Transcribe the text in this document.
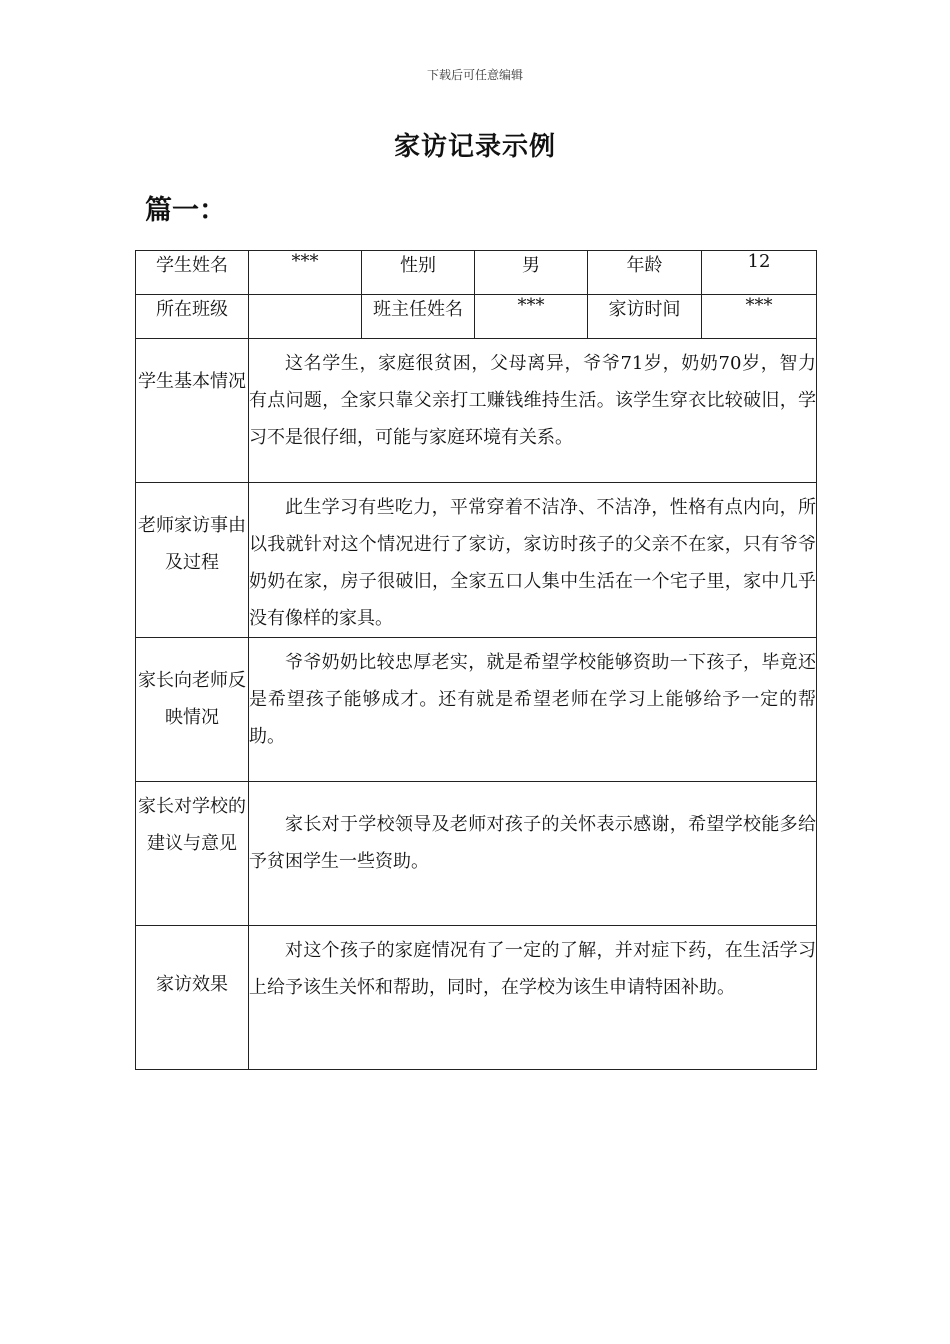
下载后可任意编辑
家访记录示例
篇一：
学生姓名	***	性别	男	年龄	12
所在班级		班主任姓名	***	家访时间	***
学生基本情况	这名学生，家庭很贫困，父母离异，爷爷71岁，奶奶70岁，智力有点问题，全家只靠父亲打工赚钱维持生活。该学生穿衣比较破旧，学习不是很仔细，可能与家庭环境有关系。				
老师家访事由及过程	此生学习有些吃力，平常穿着不洁净、不洁净，性格有点内向，所以我就针对这个情况进行了家访，家访时孩子的父亲不在家，只有爷爷奶奶在家，房子很破旧，全家五口人集中生活在一个宅子里，家中几乎没有像样的家具。				
家长向老师反映情况	爷爷奶奶比较忠厚老实，就是希望学校能够资助一下孩子，毕竟还是希望孩子能够成才。还有就是希望老师在学习上能够给予一定的帮助。				
家长对学校的建议与意见	家长对于学校领导及老师对孩子的关怀表示感谢，希望学校能多给予贫困学生一些资助。				
家访效果	对这个孩子的家庭情况有了一定的了解，并对症下药，在生活学习上给予该生关怀和帮助，同时，在学校为该生申请特困补助。				
